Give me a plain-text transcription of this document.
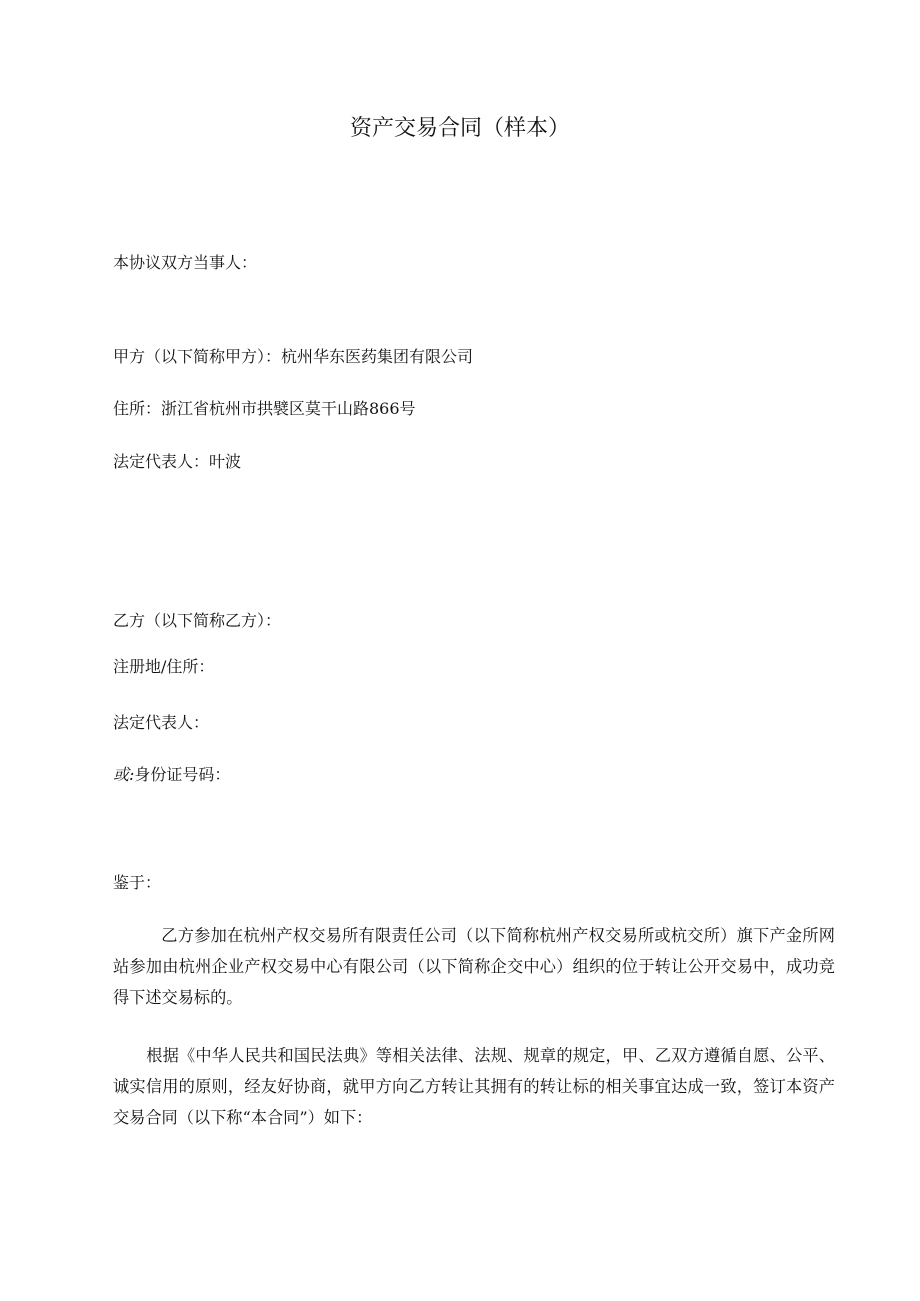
资产交易合同（样本）
本协议双方当事人：
甲方（以下简称甲方）：杭州华东医药集团有限公司
住所：浙江省杭州市拱襞区莫干山路866号
法定代表人：叶波
乙方（以下简称乙方）：
注册地/住所：
法定代表人：
或:身份证号码：
鉴于：
乙方参加在杭州产权交易所有限责任公司（以下简称杭州产权交易所或杭交所）旗下产金所网站参加由杭州企业产权交易中心有限公司（以下简称企交中心）组织的位于转让公开交易中，成功竞得下述交易标的。
根据《中华人民共和国民法典》等相关法律、法规、规章的规定，甲、乙双方遵循自愿、公平、诚实信用的原则，经友好协商，就甲方向乙方转让其拥有的转让标的相关事宜达成一致，签订本资产交易合同（以下称“本合同”）如下：
